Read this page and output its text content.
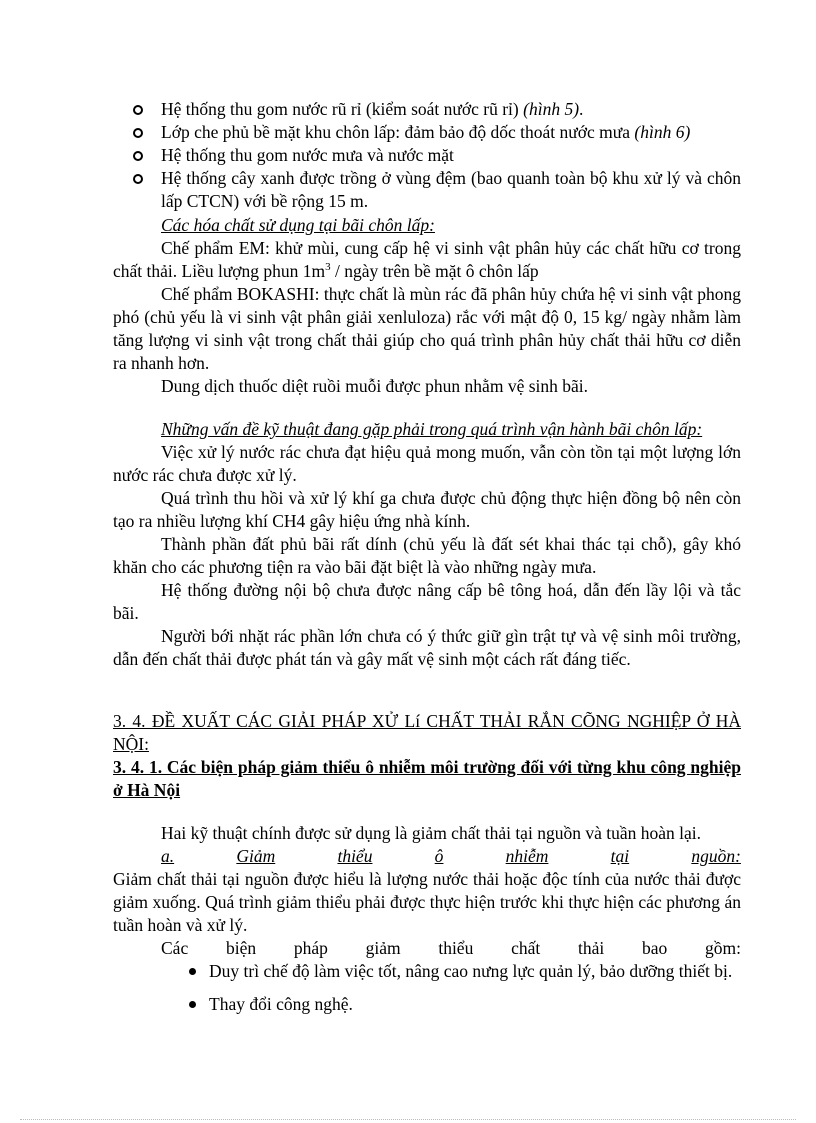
Hệ thống thu gom nước rũ rỉ (kiểm soát nước rũ rỉ) (hình 5).
Lớp che phủ bề mặt khu chôn lấp: đảm bảo độ dốc thoát nước mưa (hình 6)
Hệ thống thu gom nước mưa và nước mặt
Hệ thống cây xanh được trồng ở vùng đệm (bao quanh toàn bộ khu xử lý và chôn lấp CTCN) với bề rộng 15 m.

Các hóa chất sử dụng tại bãi chôn lấp:

Chế phẩm EM: khử mùi, cung cấp hệ vi sinh vật phân hủy các chất hữu cơ trong chất thải. Liều lượng phun $1m^3$ / ngày trên bề mặt ô chôn lấp

Chế phẩm BOKASHI: thực chất là mùn rác đã phân hủy chứa hệ vi sinh vật phong phó (chủ yếu là vi sinh vật phân giải xenluloza) rắc với mật độ 0, 15 kg/ ngày nhằm làm tăng lượng vi sinh vật trong chất thải giúp cho quá trình phân hủy chất thải hữu cơ diễn ra nhanh hơn.

Dung dịch thuốc diệt ruồi muỗi được phun nhằm vệ sinh bãi.

Những vấn đề kỹ thuật đang gặp phải trong quá trình vận hành bãi chôn lấp:

Việc xử lý nước rác chưa đạt hiệu quả mong muốn, vẫn còn tồn tại một lượng lớn nước rác chưa được xử lý.

Quá trình thu hồi và xử lý khí ga chưa được chủ động thực hiện đồng bộ nên còn tạo ra nhiều lượng khí CH4 gây hiệu ứng nhà kính.

Thành phần đất phủ bãi rất dính (chủ yếu là đất sét khai thác tại chỗ), gây khó khăn cho các phương tiện ra vào bãi đặt biệt là vào những ngày mưa.

Hệ thống đường nội bộ chưa được nâng cấp bê tông hoá, dẫn đến lầy lội và tắc bãi.

Người bới nhặt rác phần lớn chưa có ý thức giữ gìn trật tự và vệ sinh môi trường, dẫn đến chất thải được phát tán và gây mất vệ sinh một cách rất đáng tiếc.

3. 4. ĐỀ XUẤT CÁC GIẢI PHÁP XỬ Lí CHẤT THẢI RẮN CÕNG NGHIỆP Ở HÀ NỘI:

3. 4. 1. Các biện pháp giảm thiểu ô nhiễm môi trường đối với từng khu công nghiệp ở Hà Nội

Hai kỹ thuật chính được sử dụng là giảm chất thải tại nguồn và tuần hoàn lại.

a.	Giảm	thiểu	ô	nhiễm	tại	nguồn:

Giảm chất thải tại nguồn được hiểu là lượng nước thải hoặc độc tính của nước thải được giảm xuống. Quá trình giảm thiểu phải được thực hiện trước khi thực hiện các phương án tuần hoàn và xử lý.

Các biện pháp giảm thiểu chất thải bao gồm:
Duy trì chế độ làm việc tốt, nâng cao nưng lực quản lý, bảo dưỡng thiết bị.
Thay đổi công nghệ.
